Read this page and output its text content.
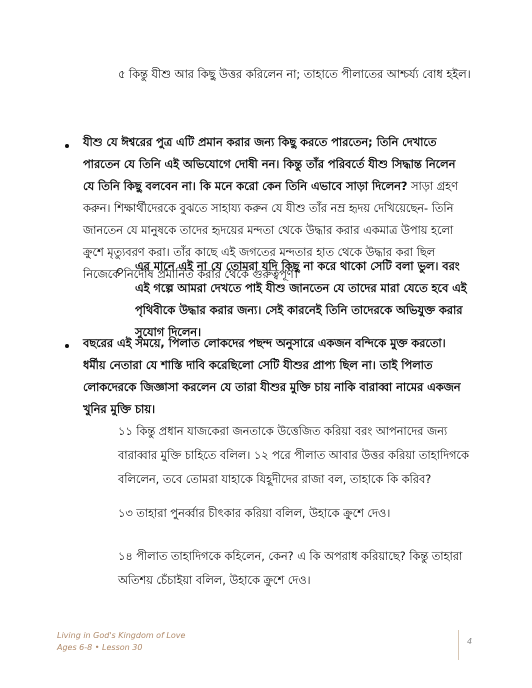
৫ কিন্তু যীশু আর কিছু উত্তর করিলেন না; তাহাতে পীলাতের আশ্চর্য্য বোধ হইল।
যীশু যে ঈশ্বরের পুত্র এটি প্রমান করার জন্য কিছু করতে পারতেন; তিনি দেখাতে পারতেন যে তিনি এই অভিযোগে দোষী নন। কিন্তু তাঁর পরিবর্তে যীশু সিদ্ধান্ত নিলেন যে তিনি কিছু বলবেন না। কি মনে করো কেন তিনি এভাবে সাড়া দিলেন? সাড়া গ্রহণ করুন। শিক্ষার্থীদেরকে বুঝতে সাহায্য করুন যে যীশু তাঁর নম্র হৃদয় দেখিয়েছেন- তিনি জানতেন যে মানুষকে তাদের হৃদয়ের মন্দতা থেকে উদ্ধার করার একমাত্র উপায় হলো ক্রুশে মৃত্যুবরণ করা। তাঁর কাছে এই জগতের মন্দতার হাত থেকে উদ্ধার করা ছিল নিজেকে নির্দোষ প্রমানিত করার থেকে গুরুত্বপূর্ণ।
এর মানে এই না যে তোমরা যদি কিছু না করে থাকো সেটি বলা ভুল। বরং এই গল্পে আমরা দেখতে পাই যীশু জানতেন যে তাদের মারা যেতে হবে এই পৃথিবীকে উদ্ধার করার জন্য। সেই কারনেই তিনি তাদেরকে অভিযুক্ত করার সুযোগ দিলেন।
বছরের এই সময়ে, পিলাত লোকদের পছন্দ অনুসারে একজন বন্দিকে মুক্ত করতো। ধর্মীয় নেতারা যে শাস্তি দাবি করেছিলো সেটি যীশুর প্রাপ্য ছিল না। তাই পিলাত লোকদেরকে জিজ্ঞাসা করলেন যে তারা যীশুর মুক্তি চায় নাকি বারাব্বা নামের একজন খুনির মুক্তি চায়।
১১ কিন্তু প্রধান যাজকেরা জনতাকে উত্তেজিত করিয়া বরং আপনাদের জন্য বারাব্বার মুক্তি চাহিতে বলিল। ১২ পরে পীলাত আবার উত্তর করিয়া তাহাদিগকে বলিলেন, তবে তোমরা যাহাকে যিহূদীদের রাজা বল, তাহাকে কি করিব?
১৩ তাহারা পুনর্ব্বার চীৎকার করিয়া বলিল, উহাকে ক্রুশে দেও।
১৪ পীলাত তাহাদিগকে কহিলেন, কেন? এ কি অপরাধ করিয়াছে? কিন্তু তাহারা অতিশয় চেঁচাইয়া বলিল, উহাকে ক্রুশে দেও।
Living in God's Kingdom of Love
Ages 6-8 • Lesson 30
4
